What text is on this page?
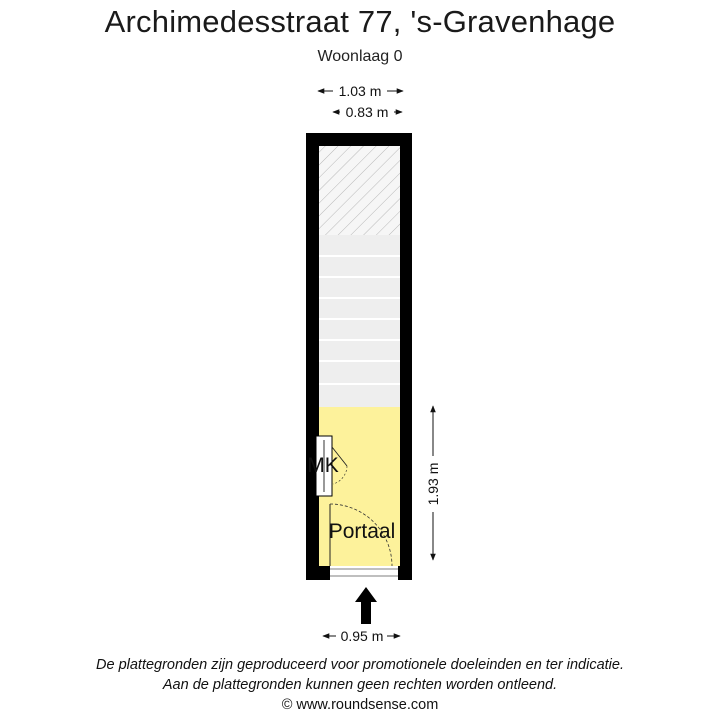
Archimedesstraat 77, 's-Gravenhage
Woonlaag 0
1.03 m
0.83 m
MK
Portaal
1.93 m
0.95 m
De plattegronden zijn geproduceerd voor promotionele doeleinden en ter indicatie.
Aan de plattegronden kunnen geen rechten worden ontleend.
© www.roundsense.com
